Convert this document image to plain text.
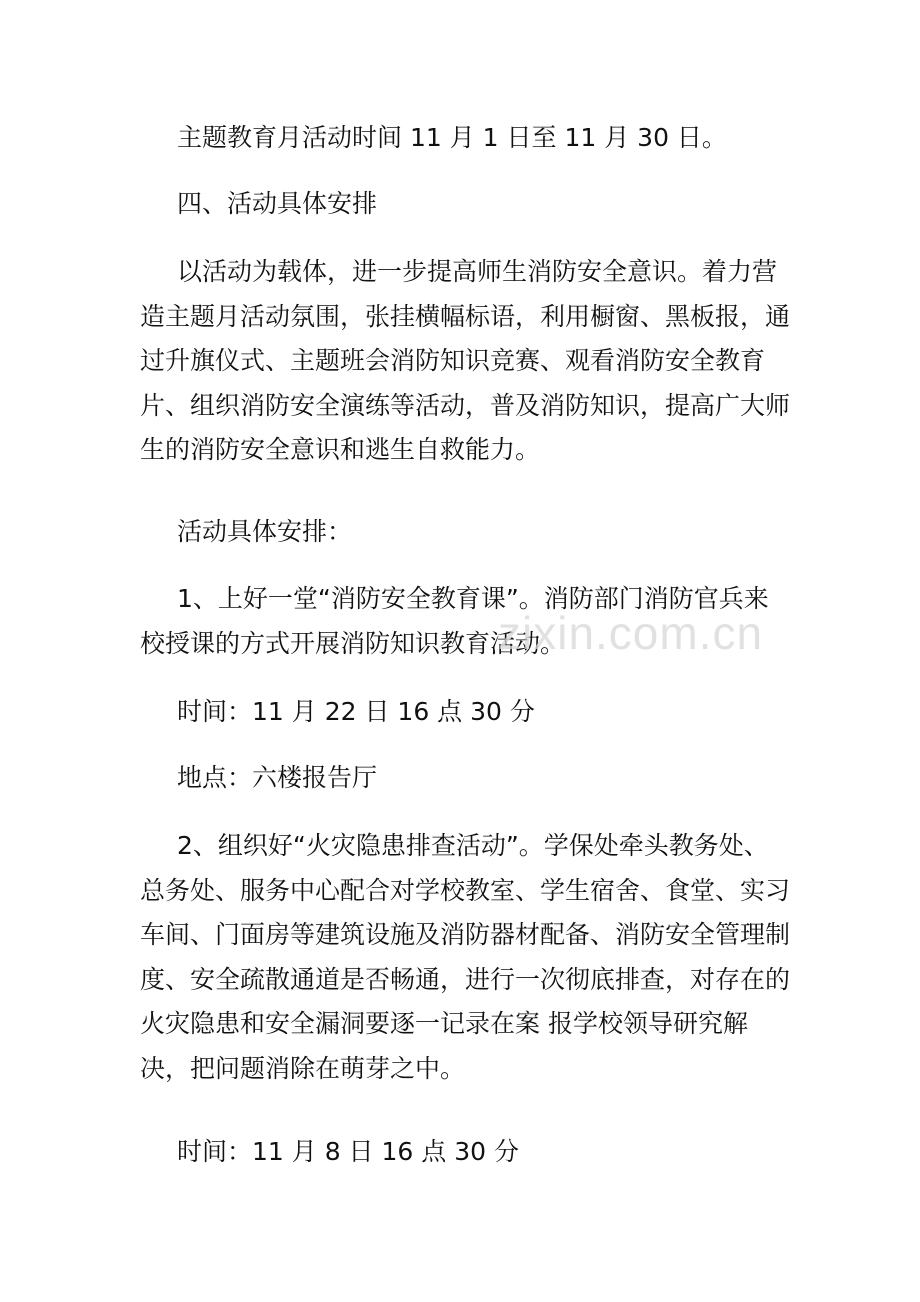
主题教育月活动时间 11 月 1 日至 11 月 30 日。

四、活动具体安排

以活动为载体，进一步提高师生消防安全意识。着力营造主题月活动氛围，张挂横幅标语，利用橱窗、黑板报，通过升旗仪式、主题班会消防知识竞赛、观看消防安全教育片、组织消防安全演练等活动，普及消防知识，提高广大师生的消防安全意识和逃生自救能力。

活动具体安排：

1、上好一堂“消防安全教育课”。消防部门消防官兵来校授课的方式开展消防知识教育活动。

时间：11 月 22 日 16 点 30 分

地点：六楼报告厅

2、组织好“火灾隐患排查活动”。学保处牵头教务处、总务处、服务中心配合对学校教室、学生宿舍、食堂、实习车间、门面房等建筑设施及消防器材配备、消防安全管理制度、安全疏散通道是否畅通，进行一次彻底排查，对存在的火灾隐患和安全漏洞要逐一记录在案 报学校领导研究解决，把问题消除在萌芽之中。

时间：11 月 8 日 16 点 30 分

zixin.com.cn
